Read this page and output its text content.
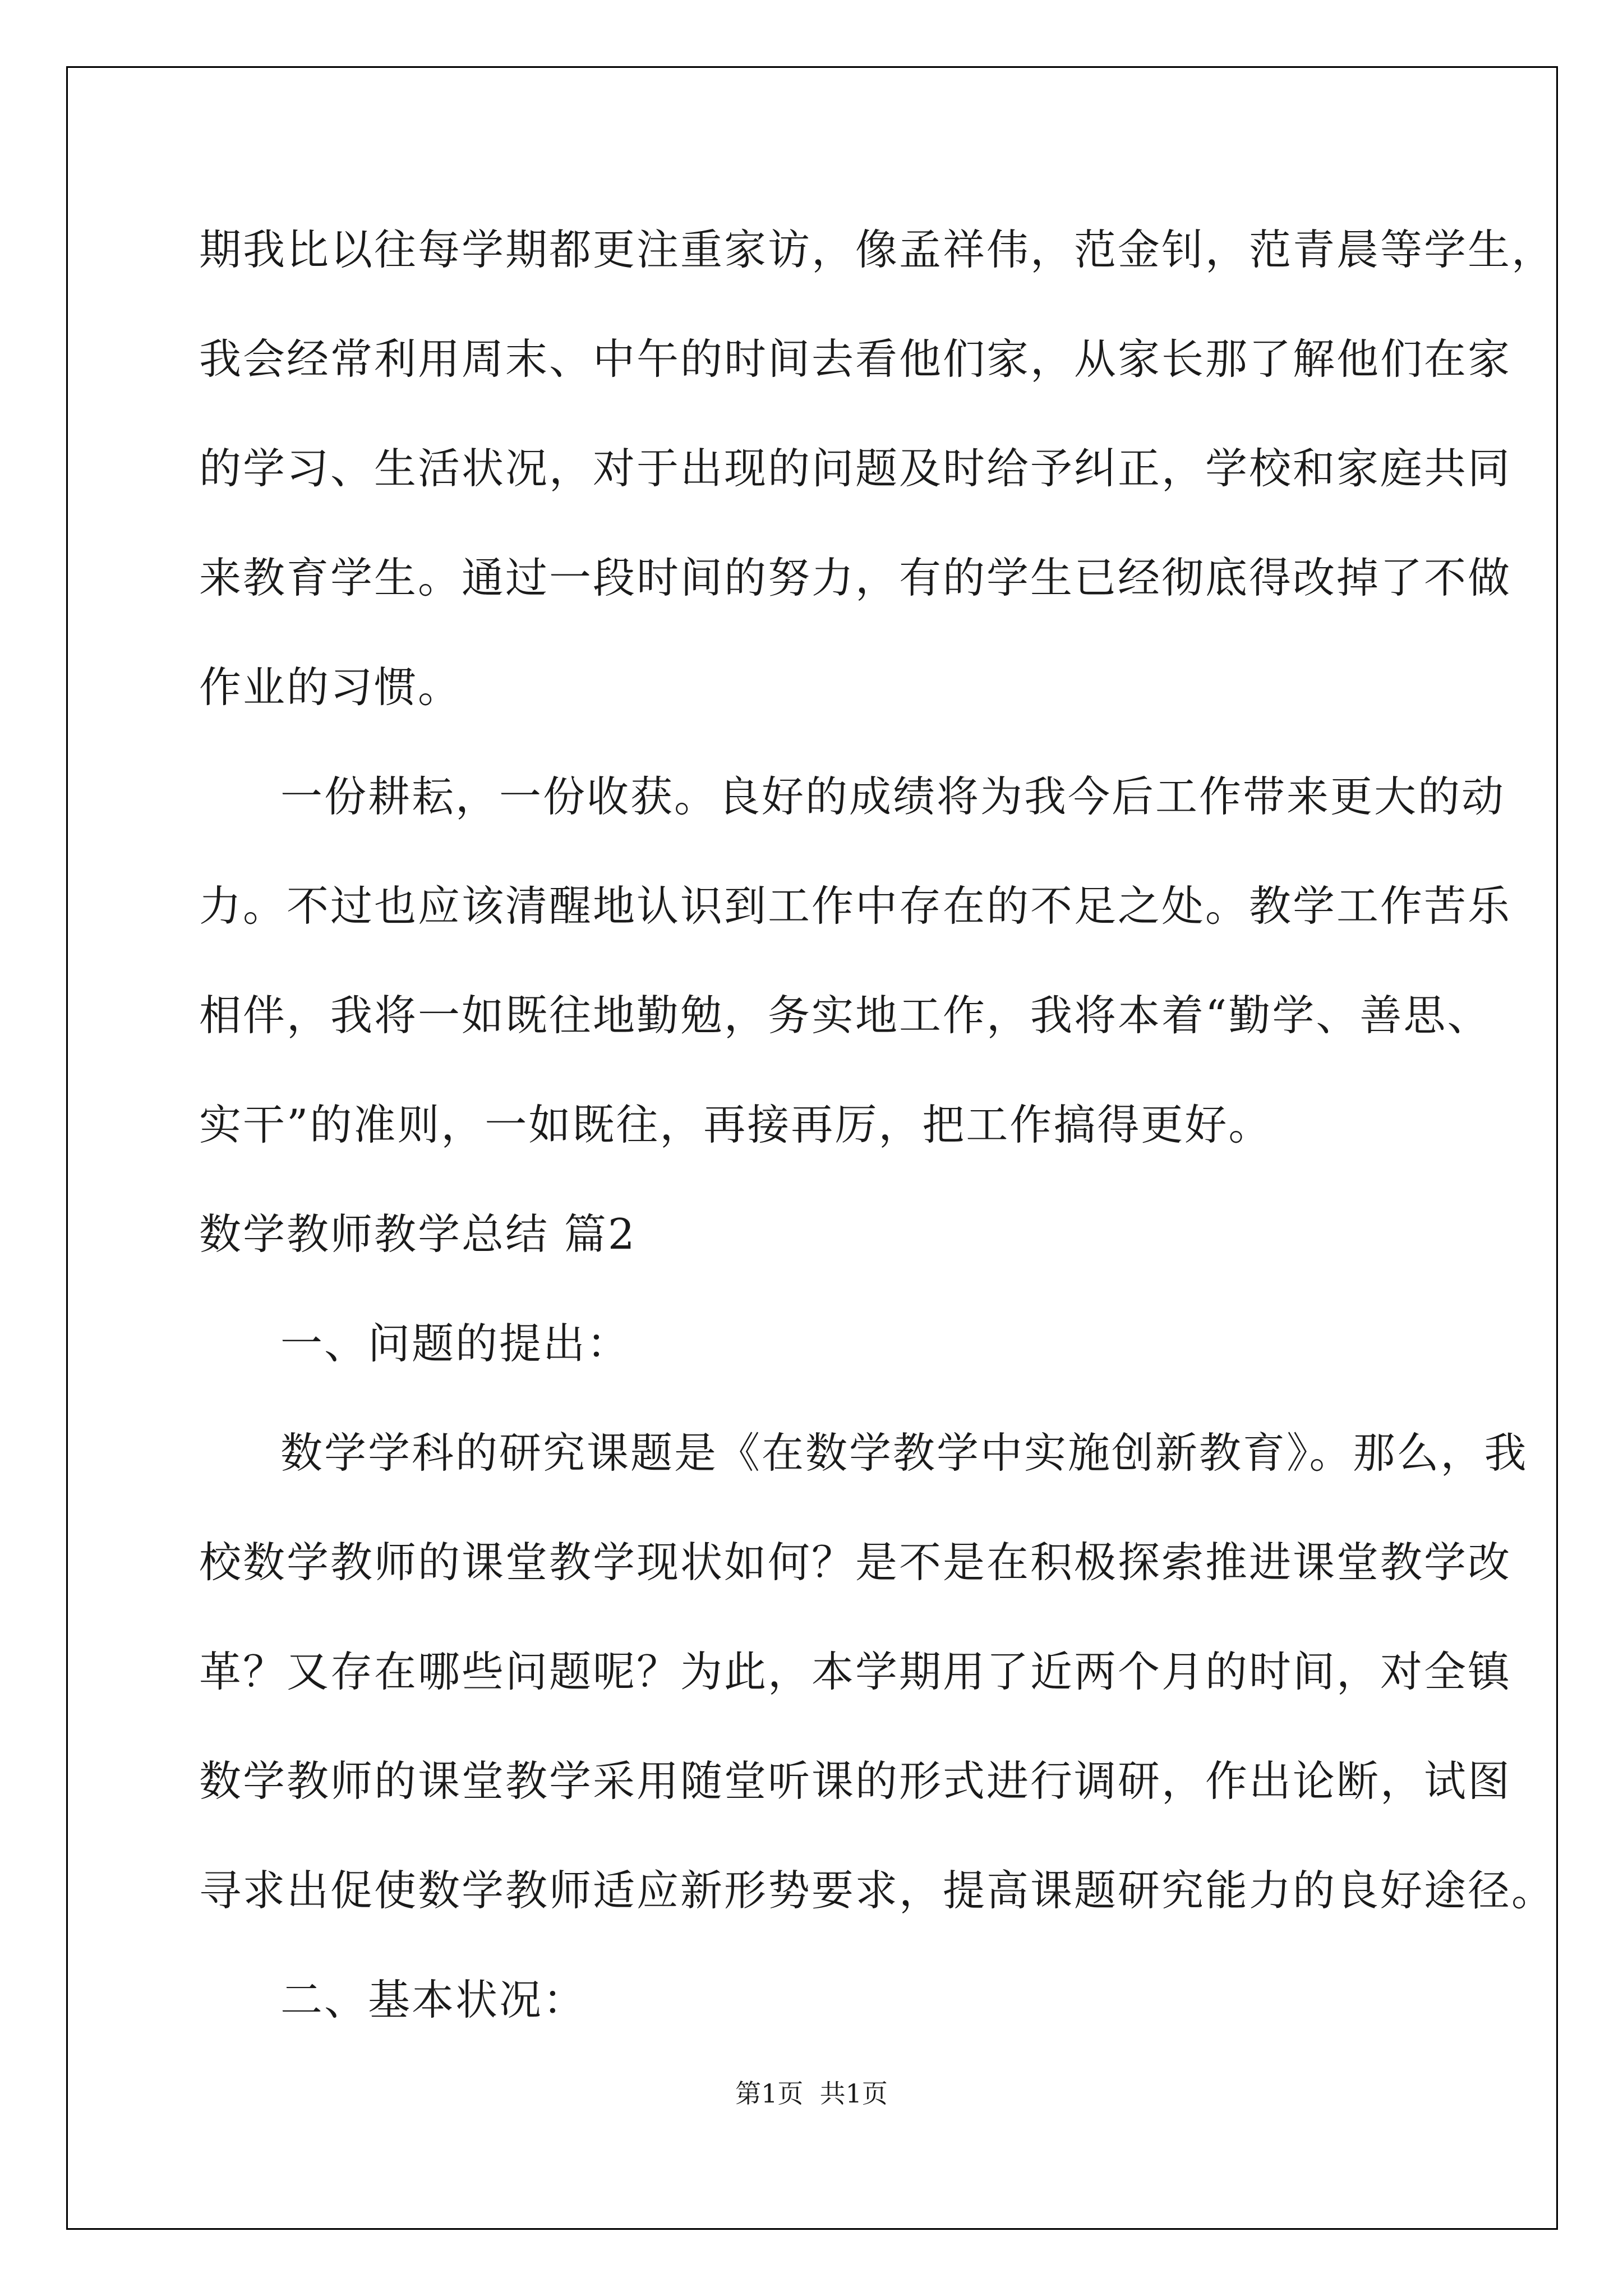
期我比以往每学期都更注重家访，像孟祥伟，范金钊，范青晨等学生，
我会经常利用周末、中午的时间去看他们家，从家长那了解他们在家
的学习、生活状况，对于出现的问题及时给予纠正，学校和家庭共同
来教育学生。通过一段时间的努力，有的学生已经彻底得改掉了不做
作业的习惯。
一份耕耘，一份收获。良好的成绩将为我今后工作带来更大的动
力。不过也应该清醒地认识到工作中存在的不足之处。教学工作苦乐
相伴，我将一如既往地勤勉，务实地工作，我将本着“勤学、善思、
实干”的准则，一如既往，再接再厉，把工作搞得更好。
数学教师教学总结 篇2
一、问题的提出：
数学学科的研究课题是《在数学教学中实施创新教育》。那么，我
校数学教师的课堂教学现状如何？是不是在积极探索推进课堂教学改
革？又存在哪些问题呢？为此，本学期用了近两个月的时间，对全镇
数学教师的课堂教学采用随堂听课的形式进行调研，作出论断，试图
寻求出促使数学教师适应新形势要求，提高课题研究能力的良好途径。
二、基本状况：
第1页  共1页
